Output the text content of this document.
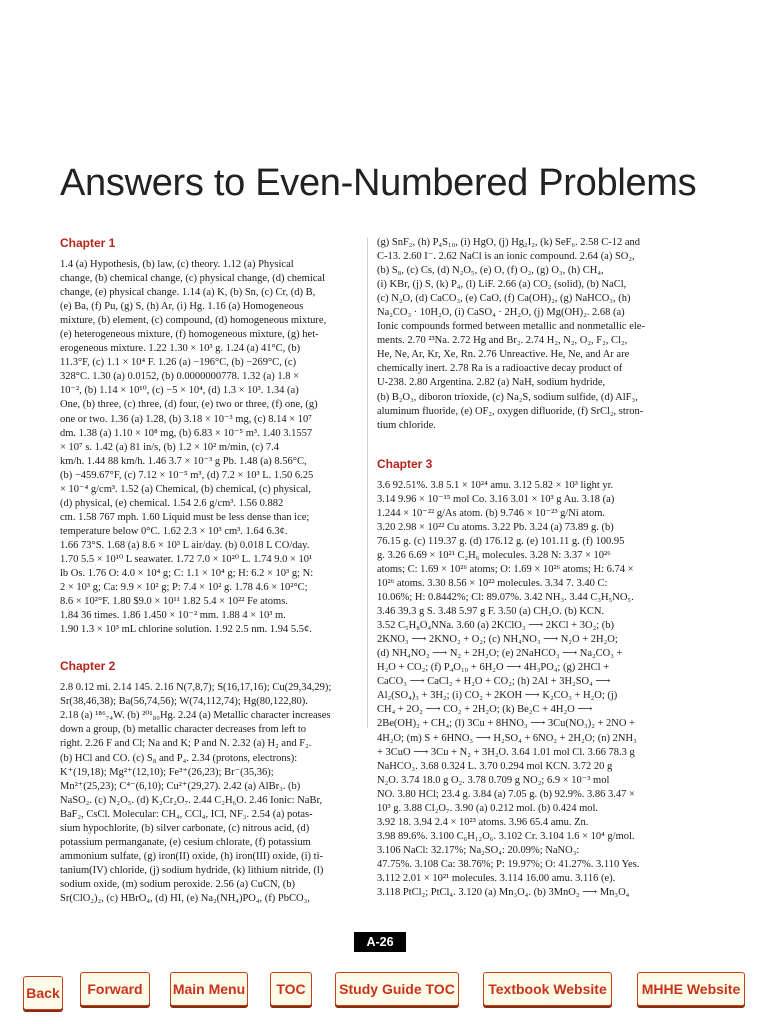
Answers to Even-Numbered Problems
Chapter 1

1.4 (a) Hypothesis, (b) law, (c) theory. 1.12 (a) Physical
change, (b) chemical change, (c) physical change, (d) chemical
change, (e) physical change. 1.14 (a) K, (b) Sn, (c) Cr, (d) B,
(e) Ba, (f) Pu, (g) S, (h) Ar, (i) Hg. 1.16 (a) Homogeneous
mixture, (b) element, (c) compound, (d) homogeneous mixture,
(e) heterogeneous mixture, (f) homogeneous mixture, (g) het-
erogeneous mixture. 1.22 1.30 × 10³ g. 1.24 (a) 41°C, (b)
11.3°F, (c) 1.1 × 10⁴ F. 1.26 (a) −196°C, (b) −269°C, (c)
328°C. 1.30 (a) 0.0152, (b) 0.0000000778. 1.32 (a) 1.8 ×
10⁻², (b) 1.14 × 10¹⁰, (c) −5 × 10⁴, (d) 1.3 × 10³. 1.34 (a)
One, (b) three, (c) three, (d) four, (e) two or three, (f) one, (g)
one or two. 1.36 (a) 1.28, (b) 3.18 × 10⁻³ mg, (c) 8.14 × 10⁷
dm. 1.38 (a) 1.10 × 10⁸ mg, (b) 6.83 × 10⁻⁵ m³. 1.40 3.1557
× 10⁷ s. 1.42 (a) 81 in/s, (b) 1.2 × 10² m/min, (c) 7.4
km/h. 1.44 88 km/h. 1.46 3.7 × 10⁻³ g Pb. 1.48 (a) 8.56°C,
(b) −459.67°F, (c) 7.12 × 10⁻⁵ m³, (d) 7.2 × 10³ L. 1.50 6.25
× 10⁻⁴ g/cm³. 1.52 (a) Chemical, (b) chemical, (c) physical,
(d) physical, (e) chemical. 1.54 2.6 g/cm³. 1.56 0.882
cm. 1.58 767 mph. 1.60 Liquid must be less dense than ice;
temperature below 0°C. 1.62 2.3 × 10³ cm³. 1.64 6.3¢.
1.66 73°S. 1.68 (a) 8.6 × 10³ L air/day. (b) 0.018 L CO/day.
1.70 5.5 × 10¹⁰ L seawater. 1.72 7.0 × 10²⁰ L. 1.74 9.0 × 10¹
lb Os. 1.76 O: 4.0 × 10⁴ g; C: 1.1 × 10⁴ g; H: 6.2 × 10³ g; N:
2 × 10³ g; Ca: 9.9 × 10² g; P: 7.4 × 10² g. 1.78 4.6 × 10²°C;
8.6 × 10²°F. 1.80 $9.0 × 10¹¹ 1.82 5.4 × 10²² Fe atoms.
1.84 36 times. 1.86 1.450 × 10⁻² mm. 1.88 4 × 10³ m.
1.90 1.3 × 10³ mL chlorine solution. 1.92 2.5 nm. 1.94 5.5¢.

Chapter 2

2.8 0.12 mi. 2.14 145. 2.16 N(7,8,7); S(16,17,16); Cu(29,34,29);
Sr(38,46,38); Ba(56,74,56); W(74,112,74); Hg(80,122,80).
2.18 (a) ¹⁸⁶₇₄W. (b) ²⁰¹₈₀Hg. 2.24 (a) Metallic character increases
down a group, (b) metallic character decreases from left to
right. 2.26 F and Cl; Na and K; P and N. 2.32 (a) H₂ and F₂.
(b) HCl and CO. (c) S₈ and P₄. 2.34 (protons, electrons):
K⁺(19,18); Mg²⁺(12,10); Fe³⁺(26,23); Br⁻(35,36);
Mn²⁺(25,23); C⁴⁻(6,10); Cu²⁺(29,27). 2.42 (a) AlBr₃. (b)
NaSO₂. (c) N₂O₅. (d) K₂Cr₂O₇. 2.44 C₂H₆O. 2.46 Ionic: NaBr,
BaF₂, CsCl. Molecular: CH₄, CCl₄, ICl, NF₃. 2.54 (a) potas-
sium hypochlorite, (b) silver carbonate, (c) nitrous acid, (d)
potassium permanganate, (e) cesium chlorate, (f) potassium
ammonium sulfate, (g) iron(II) oxide, (h) iron(III) oxide, (i) ti-
tanium(IV) chloride, (j) sodium hydride, (k) lithium nitride, (l)
sodium oxide, (m) sodium peroxide. 2.56 (a) CuCN, (b)
Sr(ClO₂)₂, (c) HBrO₄, (d) HI, (e) Na₂(NH₄)PO₄, (f) PbCO₃,

(g) SnF₂, (h) P₄S₁₀, (i) HgO, (j) Hg₂I₂, (k) SeF₆. 2.58 C-12 and
C-13. 2.60 I⁻. 2.62 NaCl is an ionic compound. 2.64 (a) SO₂,
(b) S₈, (c) Cs, (d) N₂O₅, (e) O, (f) O₂, (g) O₃, (h) CH₄,
(i) KBr, (j) S, (k) P₄, (l) LiF. 2.66 (a) CO₂ (solid), (b) NaCl,
(c) N₂O, (d) CaCO₃, (e) CaO, (f) Ca(OH)₂, (g) NaHCO₃, (h)
Na₂CO₃ · 10H₂O, (i) CaSO₄ · 2H₂O, (j) Mg(OH)₂. 2.68 (a)
Ionic compounds formed between metallic and nonmetallic ele-
ments. 2.70 ²³Na. 2.72 Hg and Br₂. 2.74 H₂, N₂, O₂, F₂, Cl₂,
He, Ne, Ar, Kr, Xe, Rn. 2.76 Unreactive. He, Ne, and Ar are
chemically inert. 2.78 Ra is a radioactive decay product of
U-238. 2.80 Argentina. 2.82 (a) NaH, sodium hydride,
(b) B₂O₃, diboron trioxide, (c) Na₂S, sodium sulfide, (d) AlF₃,
aluminum fluoride, (e) OF₂, oxygen difluoride, (f) SrCl₂, stron-
tium chloride.

Chapter 3

3.6 92.51%. 3.8 5.1 × 10²⁴ amu. 3.12 5.82 × 10³ light yr.
3.14 9.96 × 10⁻¹⁵ mol Co. 3.16 3.01 × 10³ g Au. 3.18 (a)
1.244 × 10⁻²² g/As atom. (b) 9.746 × 10⁻²³ g/Ni atom.
3.20 2.98 × 10²² Cu atoms. 3.22 Pb. 3.24 (a) 73.89 g. (b)
76.15 g. (c) 119.37 g. (d) 176.12 g. (e) 101.11 g. (f) 100.95
g. 3.26 6.69 × 10²¹ C₂H₆ molecules. 3.28 N: 3.37 × 10²⁶
atoms; C: 1.69 × 10²⁶ atoms; O: 1.69 × 10²⁶ atoms; H: 6.74 ×
10²⁶ atoms. 3.30 8.56 × 10²² molecules. 3.34 7. 3.40 C:
10.06%; H: 0.8442%; Cl: 89.07%. 3.42 NH₃. 3.44 C₃H₅NO₅.
3.46 39.3 g S. 3.48 5.97 g F. 3.50 (a) CH₂O. (b) KCN.
3.52 C₅H₈O₄NNa. 3.60 (a) 2KClO₃ ⟶ 2KCl + 3O₂; (b)
2KNO₃ ⟶ 2KNO₂ + O₂; (c) NH₄NO₃ ⟶ N₂O + 2H₂O;
(d) NH₄NO₂ ⟶ N₂ + 2H₂O; (e) 2NaHCO₃ ⟶ Na₂CO₃ +
H₂O + CO₂; (f) P₄O₁₀ + 6H₂O ⟶ 4H₃PO₄; (g) 2HCl +
CaCO₃ ⟶ CaCl₂ + H₂O + CO₂; (h) 2Al + 3H₂SO₄ ⟶
Al₂(SO₄)₃ + 3H₂; (i) CO₂ + 2KOH ⟶ K₂CO₃ + H₂O; (j)
CH₄ + 2O₂ ⟶ CO₂ + 2H₂O; (k) Be₂C + 4H₂O ⟶
2Be(OH)₂ + CH₄; (l) 3Cu + 8HNO₃ ⟶ 3Cu(NO₃)₂ + 2NO +
4H₂O; (m) S + 6HNO₃ ⟶ H₂SO₄ + 6NO₂ + 2H₂O; (n) 2NH₃
+ 3CuO ⟶ 3Cu + N₂ + 3H₂O. 3.64 1.01 mol Cl. 3.66 78.3 g
NaHCO₃. 3.68 0.324 L. 3.70 0.294 mol KCN. 3.72 20 g
N₂O. 3.74 18.0 g O₂. 3.78 0.709 g NO₂; 6.9 × 10⁻³ mol
NO. 3.80 HCl; 23.4 g. 3.84 (a) 7.05 g. (b) 92.9%. 3.86 3.47 ×
10³ g. 3.88 Cl₂O₇. 3.90 (a) 0.212 mol. (b) 0.424 mol.
3.92 18. 3.94 2.4 × 10²³ atoms. 3.96 65.4 amu. Zn.
3.98 89.6%. 3.100 C₆H₁₂O₆. 3.102 Cr. 3.104 1.6 × 10⁴ g/mol.
3.106 NaCl: 32.17%; Na₂SO₄: 20.09%; NaNO₃:
47.75%. 3.108 Ca: 38.76%; P: 19.97%; O: 41.27%. 3.110 Yes.
3.112 2.01 × 10²¹ molecules. 3.114 16.00 amu. 3.116 (e).
3.118 PtCl₂; PtCl₄. 3.120 (a) Mn₃O₄. (b) 3MnO₂ ⟶ Mn₃O₄

A-26
Back	Forward	Main Menu	TOC	Study Guide TOC	Textbook Website	MHHE Website
